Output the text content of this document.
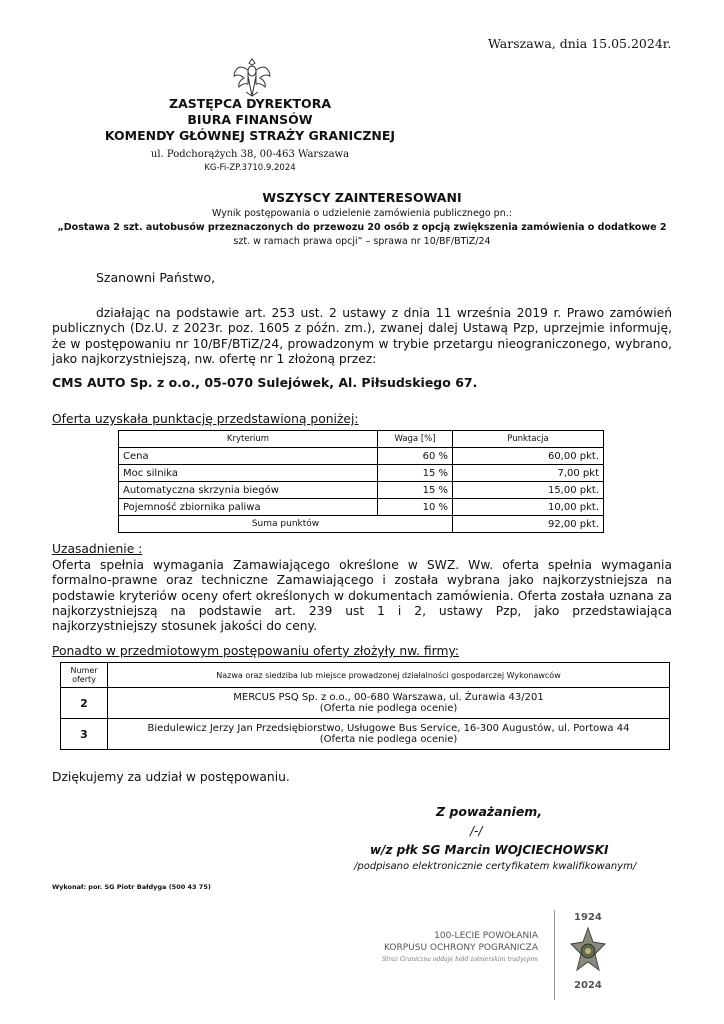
Warszawa, dnia 15.05.2024r.
ZASTĘPCA DYREKTORA
BIURA FINANSÓW
KOMENDY GŁÓWNEJ STRAŻY GRANICZNEJ
ul. Podchorążych 38, 00-463 Warszawa
KG-Fi-ZP.3710.9.2024
WSZYSCY ZAINTERESOWANI
Wynik postępowania o udzielenie zamówienia publicznego pn.:
„Dostawa 2 szt. autobusów przeznaczonych do przewozu 20 osób z opcją zwiększenia zamówienia o dodatkowe 2
szt. w ramach prawa opcji” – sprawa nr 10/BF/BTiZ/24
Szanowni Państwo,
działając na podstawie art. 253 ust. 2 ustawy z dnia 11 września 2019 r. Prawo zamówień publicznych (Dz.U. z 2023r. poz. 1605 z późn. zm.), zwanej dalej Ustawą Pzp, uprzejmie informuję, że w postępowaniu nr 10/BF/BTiZ/24, prowadzonym w trybie przetargu nieograniczonego, wybrano, jako najkorzystniejszą, nw. ofertę nr 1 złożoną przez:
CMS AUTO Sp. z o.o., 05-070 Sulejówek, Al. Piłsudskiego 67.
Oferta uzyskała punktację przedstawioną poniżej:
Kryterium	Waga [%]	Punktacja
Cena	60 %	60,00 pkt.
Moc silnika	15 %	7,00 pkt
Automatyczna skrzynia biegów	15 %	15,00 pkt.
Pojemność zbiornika paliwa	10 %	10,00 pkt.
Suma punktów		92,00 pkt.
Uzasadnienie :
Oferta spełnia wymagania Zamawiającego określone w SWZ. Ww. oferta spełnia wymagania formalno-prawne oraz techniczne Zamawiającego i została wybrana jako najkorzystniejsza na podstawie kryteriów oceny ofert określonych w dokumentach zamówienia. Oferta została uznana za najkorzystniejszą na podstawie art. 239 ust 1 i 2, ustawy Pzp, jako przedstawiająca najkorzystniejszy stosunek jakości do ceny.
Ponadto w przedmiotowym postępowaniu oferty złożyły nw. firmy:
Numer oferty	Nazwa oraz siedziba lub miejsce prowadzonej działalności gospodarczej Wykonawców
2	MERCUS PSQ Sp. z o.o., 00-680 Warszawa, ul. Żurawia 43/201
(Oferta nie podlega ocenie)

3	Biedulewicz Jerzy Jan Przedsiębiorstwo, Usługowe Bus Service, 16-300 Augustów, ul. Portowa 44
(Oferta nie podlega ocenie)
Dziękujemy za udział w postępowaniu.
Z poważaniem,
/-/
w/z płk SG Marcin WOJCIECHOWSKI
/podpisano elektronicznie certyfikatem kwalifikowanym/
Wykonał: por. SG Piotr Bałdyga (500 43 75)
100-LECIE POWOŁANIA
KORPUSU OCHRONY POGRANICZA
Straż Graniczna oddaje hołd żołnierskim tradycjom
1924
2024
